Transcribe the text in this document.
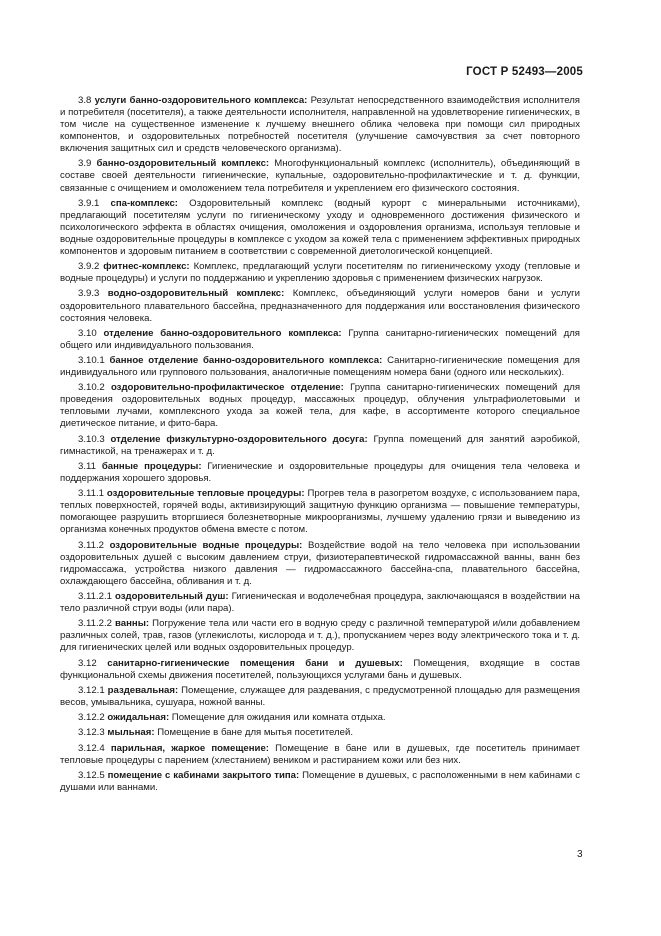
ГОСТ Р 52493—2005

3.8 услуги банно-оздоровительного комплекса: Результат непосредственного взаимодействия исполнителя и потребителя (посетителя), а также деятельности исполнителя, направленной на удовлетворение гигиенических, в том числе на существенное изменение к лучшему внешнего облика человека при помощи сил природных компонентов, и оздоровительных потребностей посетителя (улучшение самочувствия за счет повторного включения защитных сил и средств человеческого организма).

3.9 банно-оздоровительный комплекс: Многофункциональный комплекс (исполнитель), объединяющий в составе своей деятельности гигиенические, купальные, оздоровительно-профилактические и т. д. функции, связанные с очищением и омоложением тела потребителя и укреплением его физического состояния.

3.9.1 спа-комплекс: Оздоровительный комплекс (водный курорт с минеральными источниками), предлагающий посетителям услуги по гигиеническому уходу и одновременного достижения физического и психологического эффекта в областях очищения, омоложения и оздоровления организма, используя тепловые и водные оздоровительные процедуры в комплексе с уходом за кожей тела с применением эффективных природных компонентов и здоровым питанием в соответствии с современной диетологической концепцией.

3.9.2 фитнес-комплекс: Комплекс, предлагающий услуги посетителям по гигиеническому уходу (тепловые и водные процедуры) и услуги по поддержанию и укреплению здоровья с применением физических нагрузок.

3.9.3 водно-оздоровительный комплекс: Комплекс, объединяющий услуги номеров бани и услуги оздоровительного плавательного бассейна, предназначенного для поддержания или восстановления физического состояния человека.

3.10 отделение банно-оздоровительного комплекса: Группа санитарно-гигиенических помещений для общего или индивидуального пользования.

3.10.1 банное отделение банно-оздоровительного комплекса: Санитарно-гигиенические помещения для индивидуального или группового пользования, аналогичные помещениям номера бани (одного или нескольких).

3.10.2 оздоровительно-профилактическое отделение: Группа санитарно-гигиенических помещений для проведения оздоровительных водных процедур, массажных процедур, облучения ультрафиолетовыми и тепловыми лучами, комплексного ухода за кожей тела, для кафе, в ассортименте которого специальное диетическое питание, и фито-бара.

3.10.3 отделение физкультурно-оздоровительного досуга: Группа помещений для занятий аэробикой, гимнастикой, на тренажерах и т. д.

3.11 банные процедуры: Гигиенические и оздоровительные процедуры для очищения тела человека и поддержания хорошего здоровья.

3.11.1 оздоровительные тепловые процедуры: Прогрев тела в разогретом воздухе, с использованием пара, теплых поверхностей, горячей воды, активизирующий защитную функцию организма — повышение температуры, помогающее разрушить вторгшиеся болезнетворные микроорганизмы, лучшему удалению грязи и выведению из организма конечных продуктов обмена вместе с потом.

3.11.2 оздоровительные водные процедуры: Воздействие водой на тело человека при использовании оздоровительных душей с высоким давлением струи, физиотерапевтической гидромассажной ванны, ванн без гидромассажа, устройства низкого давления — гидромассажного бассейна-спа, плавательного бассейна, охлаждающего бассейна, обливания и т. д.

3.11.2.1 оздоровительный душ: Гигиеническая и водолечебная процедура, заключающаяся в воздействии на тело различной струи воды (или пара).

3.11.2.2 ванны: Погружение тела или части его в водную среду с различной температурой и/или добавлением различных солей, трав, газов (углекислоты, кислорода и т. д.), пропусканием через воду электрического тока и т. д. для гигиенических целей или водных оздоровительных процедур.

3.12 санитарно-гигиенические помещения бани и душевых: Помещения, входящие в состав функциональной схемы движения посетителей, пользующихся услугами бань и душевых.

3.12.1 раздевальная: Помещение, служащее для раздевания, с предусмотренной площадью для размещения весов, умывальника, сушуара, ножной ванны.

3.12.2 ожидальная: Помещение для ожидания или комната отдыха.

3.12.3 мыльная: Помещение в бане для мытья посетителей.

3.12.4 парильная, жаркое помещение: Помещение в бане или в душевых, где посетитель принимает тепловые процедуры с парением (хлестанием) веником и растиранием кожи или без них.

3.12.5 помещение с кабинами закрытого типа: Помещение в душевых, с расположенными в нем кабинами с душами или ваннами.

3
